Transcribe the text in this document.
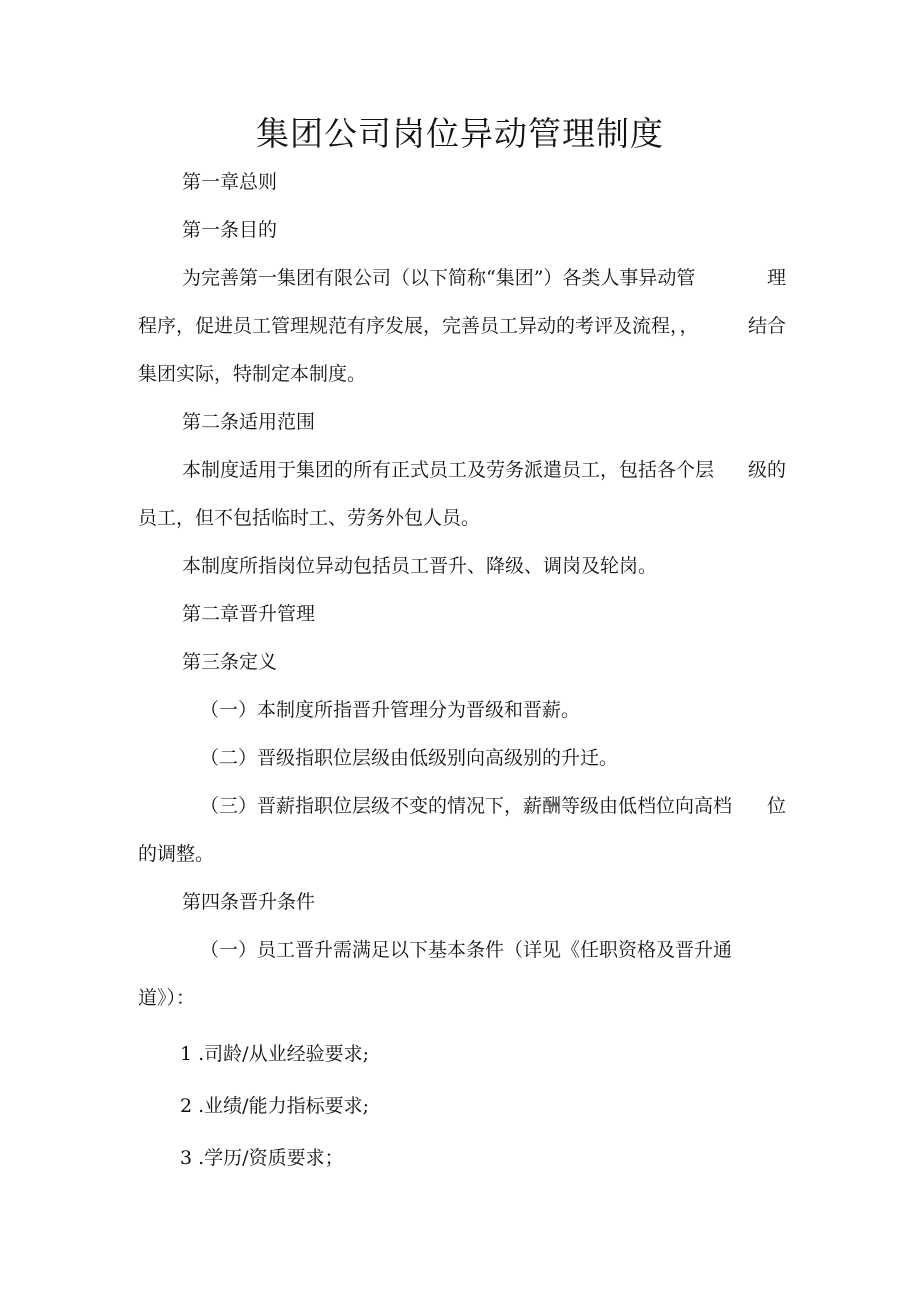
集团公司岗位异动管理制度

第一章总则

第一条目的

为完善第一集团有限公司（以下简称“集团”）各类人事异动管	理
程序，促进员工管理规范有序发展，完善员工异动的考评及流程，，	结合

集团实际，特制定本制度。

第二条适用范围

本制度适用于集团的所有正式员工及劳务派遣员工，包括各个层 级的

员工，但不包括临时工、劳务外包人员。

本制度所指岗位异动包括员工晋升、降级、调岗及轮岗。

第二章晋升管理

第三条定义

（一）本制度所指晋升管理分为晋级和晋薪。

（二）晋级指职位层级由低级别向高级别的升迁。

（三）晋薪指职位层级不变的情况下，薪酬等级由低档位向高档 位

的调整。

第四条晋升条件

（一）员工晋升需满足以下基本条件（详见《任职资格及晋升通

道》）：

1 .司龄/从业经验要求;

2 .业绩/能力指标要求;

3 .学历/资质要求；
